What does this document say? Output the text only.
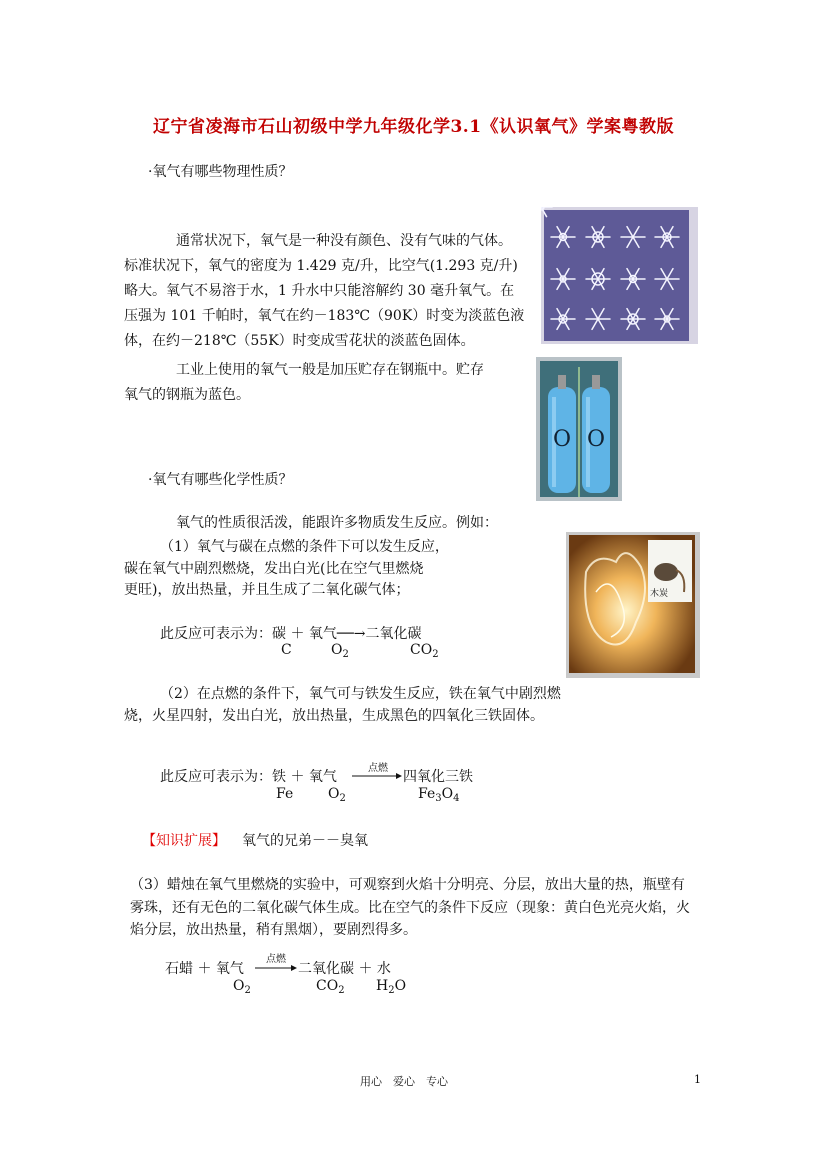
辽宁省凌海市石山初级中学九年级化学3.1《认识氧气》学案粤教版
·氧气有哪些物理性质？
通常状况下，氧气是一种没有颜色、没有气味的气体。
标准状况下，氧气的密度为 1.429 克/升，比空气(1.293 克/升)
略大。氧气不易溶于水，1 升水中只能溶解约 30 毫升氧气。在
压强为 101 千帕时，氧气在约－183℃（90K）时变为淡蓝色液
体，在约－218℃（55K）时变成雪花状的淡蓝色固体。
工业上使用的氧气一般是加压贮存在钢瓶中。贮存
氧气的钢瓶为蓝色。
O O
·氧气有哪些化学性质？
氧气的性质很活泼，能跟许多物质发生反应。例如：
（1）氧气与碳在点燃的条件下可以发生反应，
碳在氧气中剧烈燃烧，发出白光(比在空气里燃烧
更旺)，放出热量，并且生成了二氧化碳气体；	木炭
此反应可表示为：碳 ＋ 氧气──→二氧化碳
C	$O_2$	$CO_2$
（2）在点燃的条件下，氧气可与铁发生反应，铁在氧气中剧烈燃
烧，火星四射，发出白光，放出热量，生成黑色的四氧化三铁固体。
此反应可表示为：铁 ＋ 氧气
点燃
四氧化三铁
Fe $O_2$	$Fe_3O_4$
【知识扩展】 氧气的兄弟－－臭氧
（3）蜡烛在氧气里燃烧的实验中，可观察到火焰十分明亮、分层，放出大量的热，瓶壁有
雾珠，还有无色的二氧化碳气体生成。比在空气的条件下反应（现象：黄白色光亮火焰，火
焰分层，放出热量，稍有黑烟），要剧烈得多。
石蜡 ＋ 氧气
点燃
二氧化碳 ＋ 水
$O_2$	$CO_2$ $H_2O$
用心　爱心　专心	1
